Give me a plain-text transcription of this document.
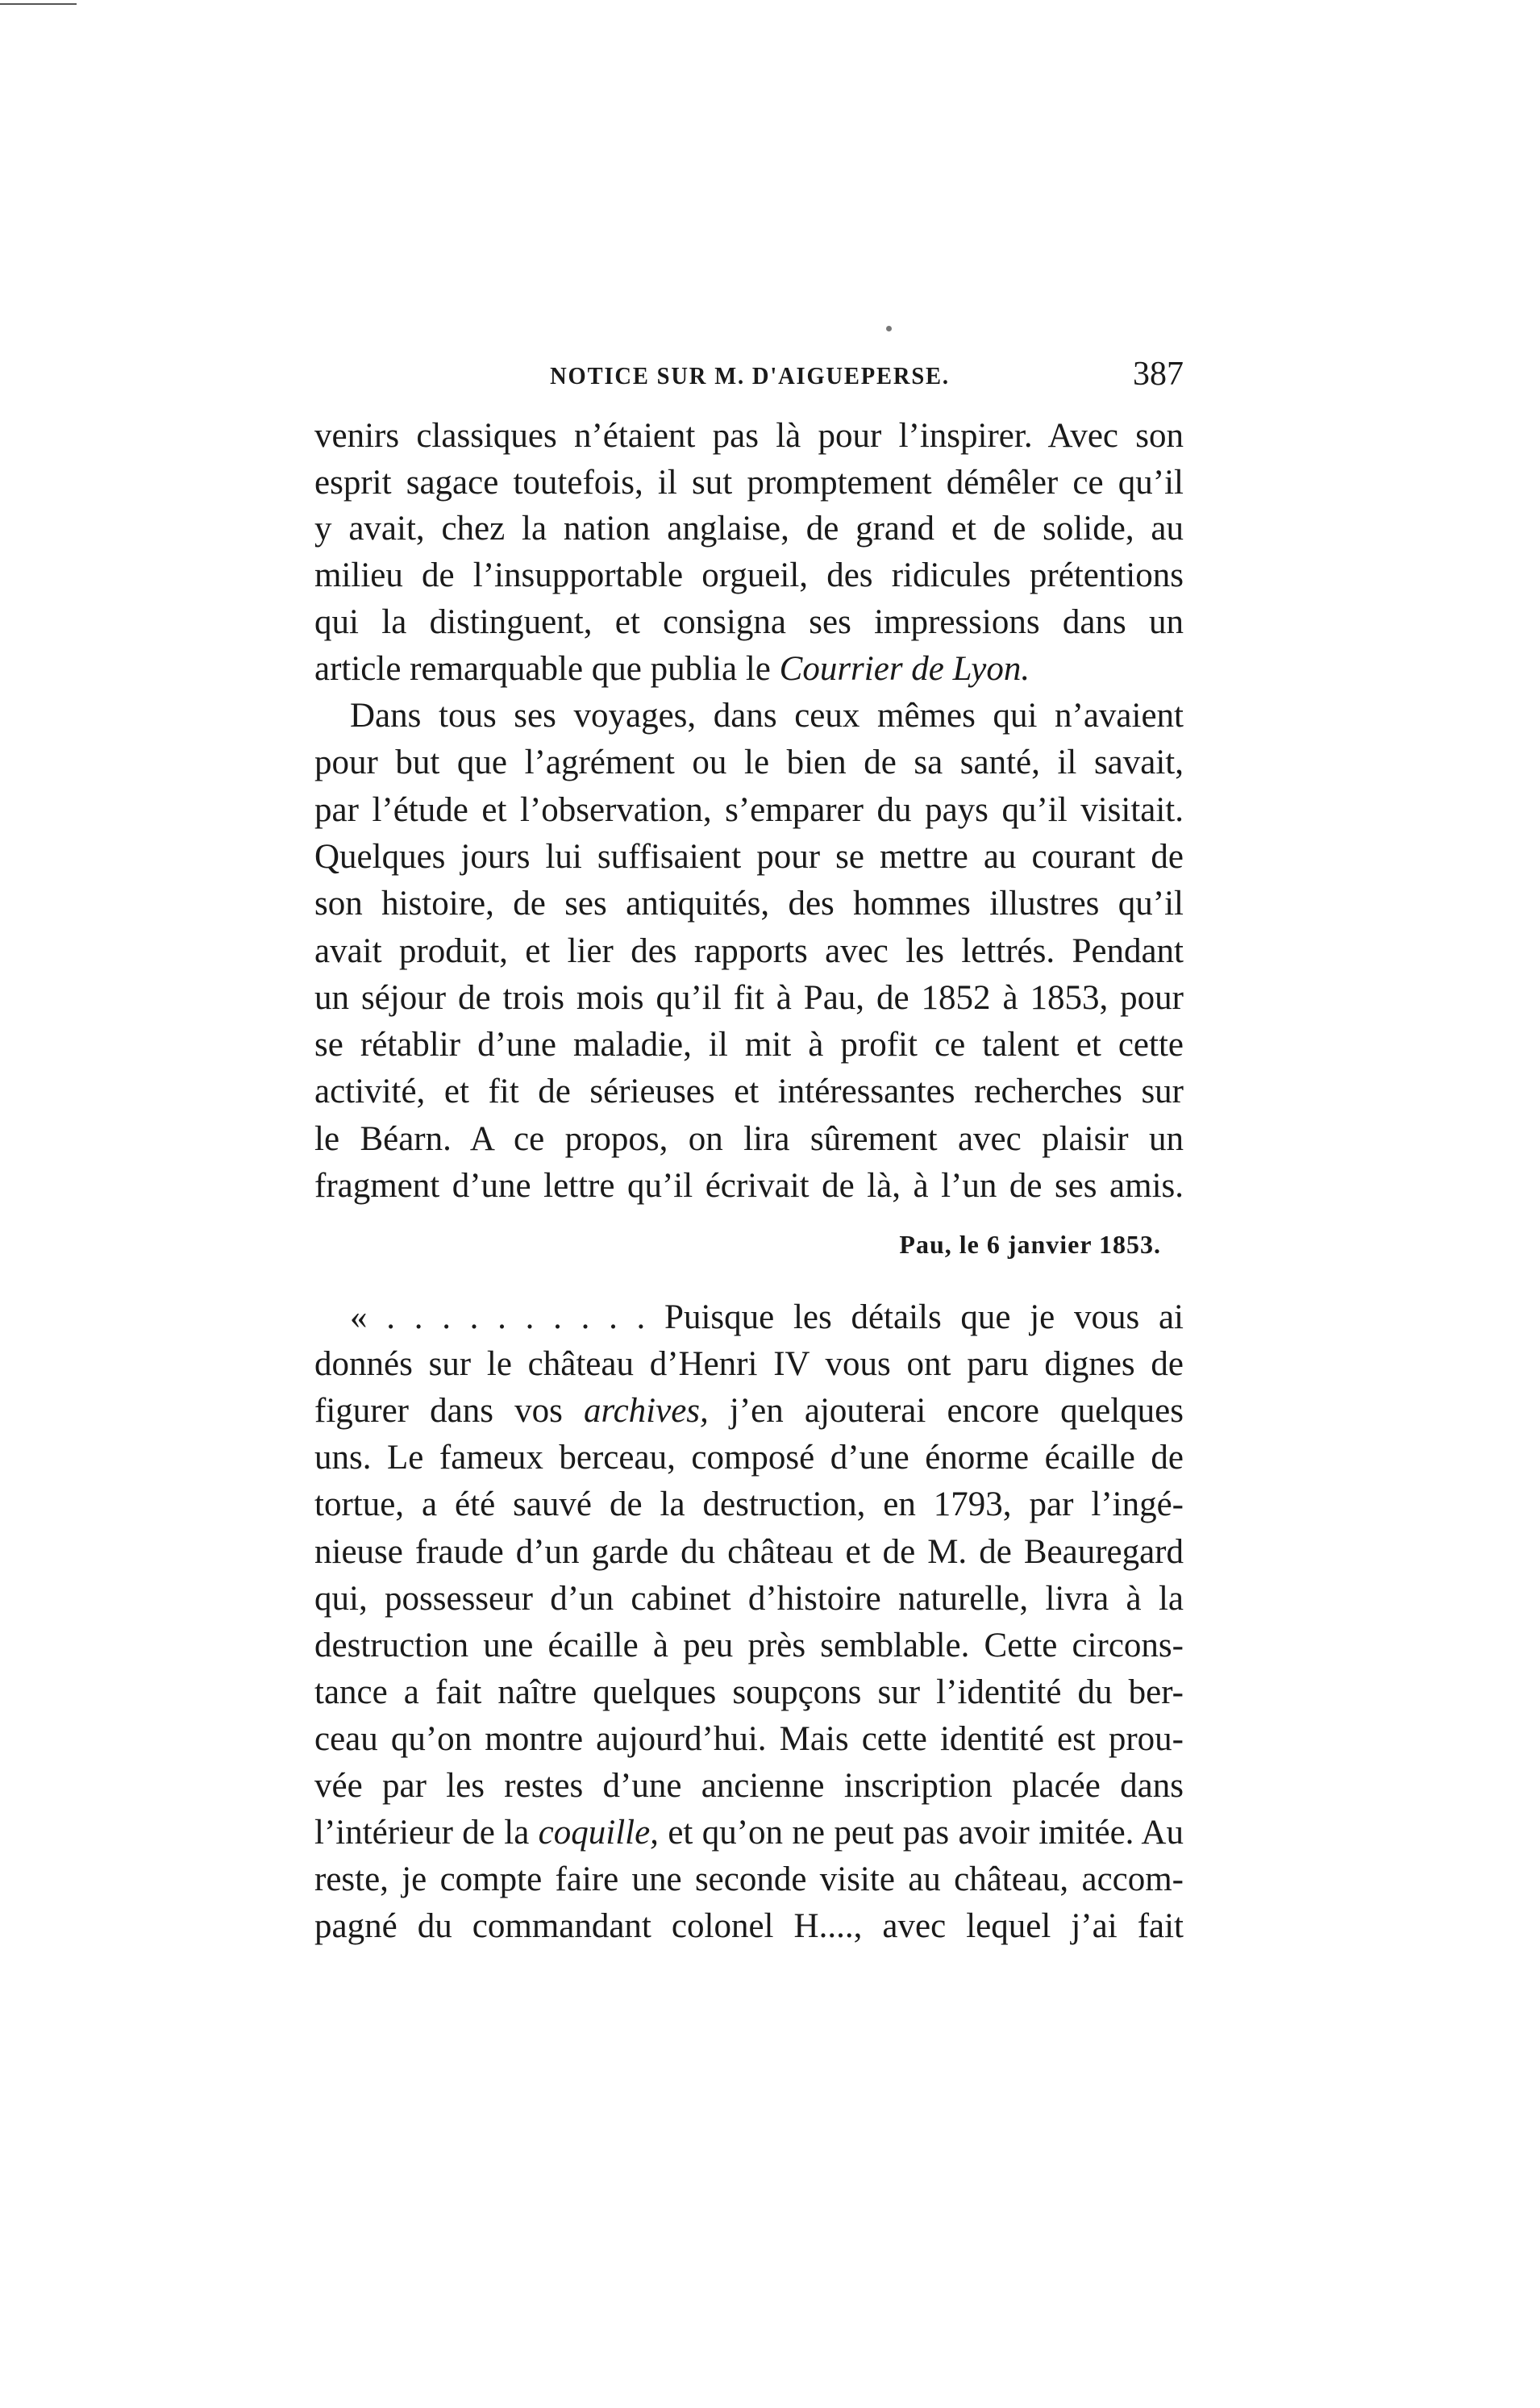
NOTICE SUR M. D'AIGUEPERSE.	387
venirs classiques n’étaient pas là pour l’inspirer. Avec son
esprit sagace toutefois, il sut promptement démêler ce qu’il
y avait, chez la nation anglaise, de grand et de solide, au
milieu de l’insupportable orgueil, des ridicules prétentions
qui la distinguent, et consigna ses impressions dans un
article remarquable que publia le Courrier de Lyon.
Dans tous ses voyages, dans ceux mêmes qui n’avaient
pour but que l’agrément ou le bien de sa santé, il savait,
par l’étude et l’observation, s’emparer du pays qu’il visitait.
Quelques jours lui suffisaient pour se mettre au courant de
son histoire, de ses antiquités, des hommes illustres qu’il
avait produit, et lier des rapports avec les lettrés. Pendant
un séjour de trois mois qu’il fit à Pau, de 1852 à 1853, pour
se rétablir d’une maladie, il mit à profit ce talent et cette
activité, et fit de sérieuses et intéressantes recherches sur
le Béarn. A ce propos, on lira sûrement avec plaisir un
fragment d’une lettre qu’il écrivait de là, à l’un de ses amis.
Pau, le 6 janvier 1853.
« . . . . . . . . . . Puisque les détails que je vous ai
donnés sur le château d’Henri IV vous ont paru dignes de
figurer dans vos archives, j’en ajouterai encore quelques
uns. Le fameux berceau, composé d’une énorme écaille de
tortue, a été sauvé de la destruction, en 1793, par l’ingé-
nieuse fraude d’un garde du château et de M. de Beauregard
qui, possesseur d’un cabinet d’histoire naturelle, livra à la
destruction une écaille à peu près semblable. Cette circons-
tance a fait naître quelques soupçons sur l’identité du ber-
ceau qu’on montre aujourd’hui. Mais cette identité est prou-
vée par les restes d’une ancienne inscription placée dans
l’intérieur de la coquille, et qu’on ne peut pas avoir imitée. Au
reste, je compte faire une seconde visite au château, accom-
pagné du commandant colonel H...., avec lequel j’ai fait
